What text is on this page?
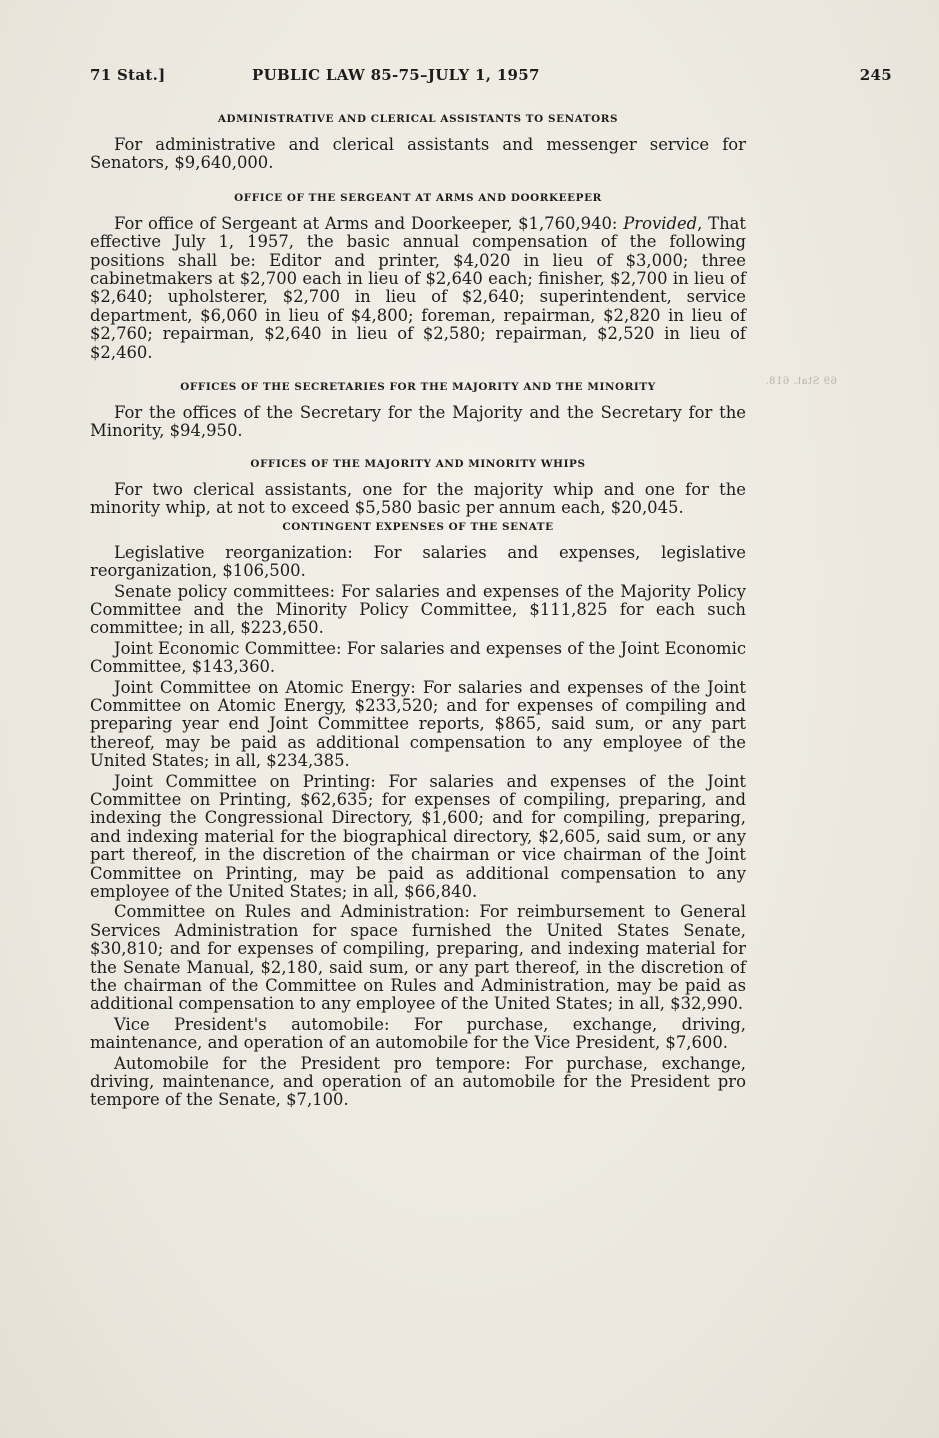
71 Stat.]	PUBLIC LAW 85-75–JULY 1, 1957	245
ADMINISTRATIVE AND CLERICAL ASSISTANTS TO SENATORS

For administrative and clerical assistants and messenger service for Senators, $9,640,000.

OFFICE OF THE SERGEANT AT ARMS AND DOORKEEPER

For office of Sergeant at Arms and Doorkeeper, $1,760,940: Provided, That effective July 1, 1957, the basic annual compensation of the following positions shall be: Editor and printer, $4,020 in lieu of $3,000; three cabinetmakers at $2,700 each in lieu of $2,640 each; finisher, $2,700 in lieu of $2,640; upholsterer, $2,700 in lieu of $2,640; superintendent, service department, $6,060 in lieu of $4,800; foreman, repairman, $2,820 in lieu of $2,760; repairman, $2,640 in lieu of $2,580; repairman, $2,520 in lieu of $2,460.

OFFICES OF THE SECRETARIES FOR THE MAJORITY AND THE MINORITY

For the offices of the Secretary for the Majority and the Secretary for the Minority, $94,950.

OFFICES OF THE MAJORITY AND MINORITY WHIPS

For two clerical assistants, one for the majority whip and one for the minority whip, at not to exceed $5,580 basic per annum each, $20,045.

CONTINGENT EXPENSES OF THE SENATE

Legislative reorganization: For salaries and expenses, legislative reorganization, $106,500.

Senate policy committees: For salaries and expenses of the Majority Policy Committee and the Minority Policy Committee, $111,825 for each such committee; in all, $223,650.

Joint Economic Committee: For salaries and expenses of the Joint Economic Committee, $143,360.

Joint Committee on Atomic Energy: For salaries and expenses of the Joint Committee on Atomic Energy, $233,520; and for expenses of compiling and preparing year end Joint Committee reports, $865, said sum, or any part thereof, may be paid as additional compensation to any employee of the United States; in all, $234,385.

Joint Committee on Printing: For salaries and expenses of the Joint Committee on Printing, $62,635; for expenses of compiling, preparing, and indexing the Congressional Directory, $1,600; and for compiling, preparing, and indexing material for the biographical directory, $2,605, said sum, or any part thereof, in the discretion of the chairman or vice chairman of the Joint Committee on Printing, may be paid as additional compensation to any employee of the United States; in all, $66,840.

Committee on Rules and Administration: For reimbursement to General Services Administration for space furnished the United States Senate, $30,810; and for expenses of compiling, preparing, and indexing material for the Senate Manual, $2,180, said sum, or any part thereof, in the discretion of the chairman of the Committee on Rules and Administration, may be paid as additional compensation to any employee of the United States; in all, $32,990.

Vice President's automobile: For purchase, exchange, driving, maintenance, and operation of an automobile for the Vice President, $7,600.

Automobile for the President pro tempore: For purchase, exchange, driving, maintenance, and operation of an automobile for the President pro tempore of the Senate, $7,100.

69 Stat. 618.
